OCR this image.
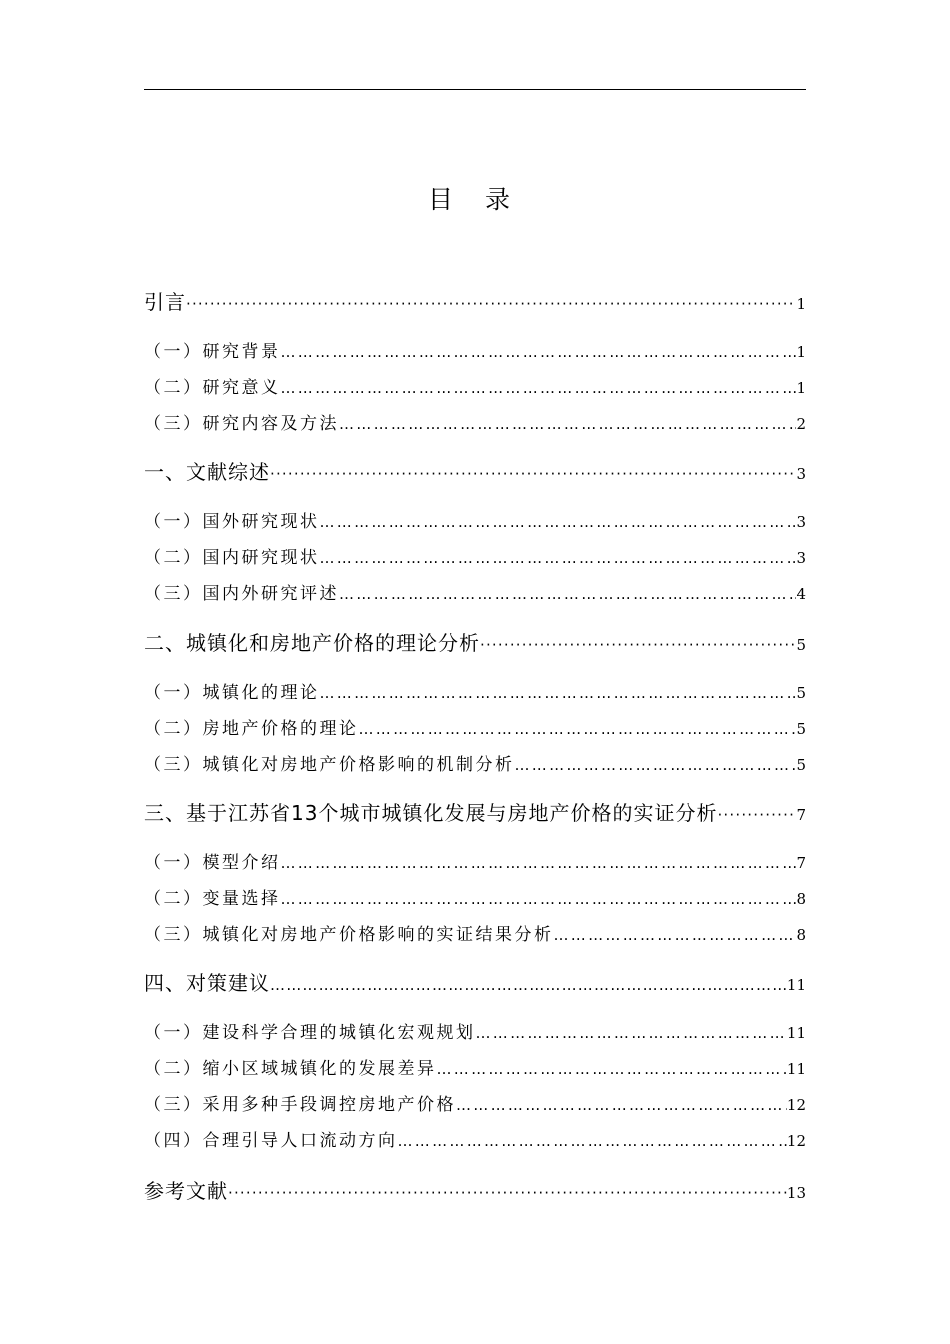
目 录
引言 ·····	1
（一）研究背景 …………………………………………………………………………………………………………………………………………………………	1
（二）研究意义 …………………………………………………………………………………………………………………………………………………………	1
（三）研究内容及方法 …………………………………………………………………………………………………………………………………………………………	2
一、文献综述 ·····	3
（一）国外研究现状 …………………………………………………………………………………………………………………………………………………………	3
（二）国内研究现状 …………………………………………………………………………………………………………………………………………………………	3
（三）国内外研究评述 …………………………………………………………………………………………………………………………………………………………	4
二、城镇化和房地产价格的理论分析 ·····	5
（一）城镇化的理论 …………………………………………………………………………………………………………………………………………………………	5
（二）房地产价格的理论 …………………………………………………………………………………………………………………………………………………………	5
（三）城镇化对房地产价格影响的机制分析 …………………………………………………………………………………………………………………………………………………………	5
三、基于江苏省13个城市城镇化发展与房地产价格的实证分析 ·····	7
（一）模型介绍 …………………………………………………………………………………………………………………………………………………………	7
（二）变量选择 …………………………………………………………………………………………………………………………………………………………	8
（三）城镇化对房地产价格影响的实证结果分析 …………………………………………………………………………………………………………………………………………………………	8
四、对策建议 …………………………………………………………………………………………………………………………………………………………	11
（一）建设科学合理的城镇化宏观规划 …………………………………………………………………………………………………………………………………………………………	11
（二）缩小区域城镇化的发展差异 …………………………………………………………………………………………………………………………………………………………	11
（三）采用多种手段调控房地产价格 …………………………………………………………………………………………………………………………………………………………	12
（四）合理引导人口流动方向 …………………………………………………………………………………………………………………………………………………………	12
参考文献 ·····	13
